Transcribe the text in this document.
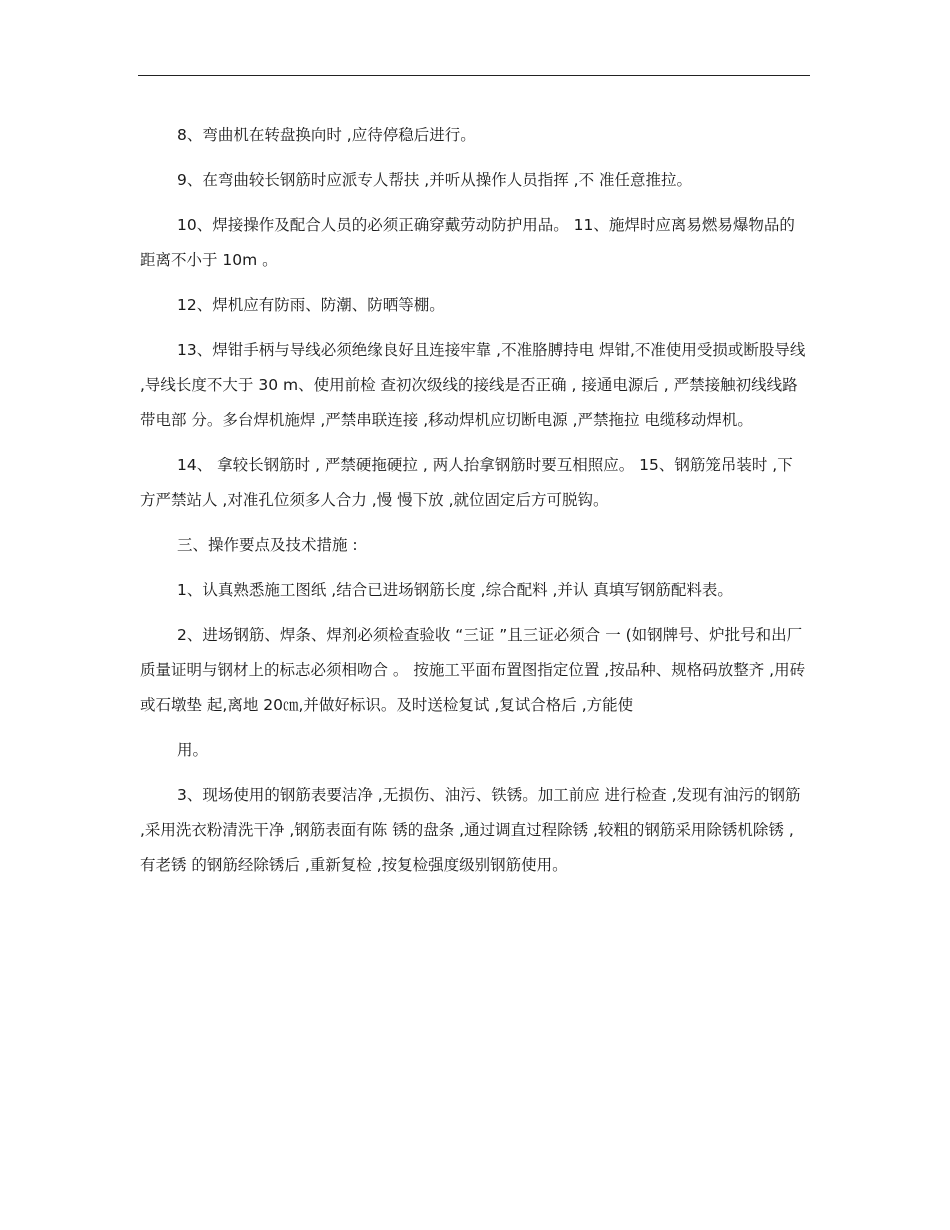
8、弯曲机在转盘换向时 ,应待停稳后进行。

9、在弯曲较长钢筋时应派专人帮扶 ,并听从操作人员指挥 ,不 准任意推拉。

10、焊接操作及配合人员的必须正确穿戴劳动防护用品。 11、施焊时应离易燃易爆物品的距离不小于 10m 。

12、焊机应有防雨、防潮、防晒等棚。

13、焊钳手柄与导线必须绝缘良好且连接牢靠 ,不准胳膊持电 焊钳,不准使用受损或断股导线 ,导线长度不大于 30 m、使用前检 查初次级线的接线是否正确 , 接通电源后 , 严禁接触初线线路带电部 分。多台焊机施焊 ,严禁串联连接 ,移动焊机应切断电源 ,严禁拖拉 电缆移动焊机。

14、 拿较长钢筋时 , 严禁硬拖硬拉 , 两人抬拿钢筋时要互相照应。 15、钢筋笼吊装时 ,下方严禁站人 ,对准孔位须多人合力 ,慢 慢下放 ,就位固定后方可脱钩。

三、操作要点及技术措施 :

1、认真熟悉施工图纸 ,结合已进场钢筋长度 ,综合配料 ,并认 真填写钢筋配料表。

2、进场钢筋、焊条、焊剂必须检查验收 “三证 ”且三证必须合 一 (如钢牌号、炉批号和出厂质量证明与钢材上的标志必须相吻合 。 按施工平面布置图指定位置 ,按品种、规格码放整齐 ,用砖或石墩垫 起,离地 20㎝,并做好标识。及时送检复试 ,复试合格后 ,方能使

用。

3、现场使用的钢筋表要洁净 ,无损伤、油污、铁锈。加工前应 进行检查 ,发现有油污的钢筋 ,采用洗衣粉清洗干净 ,钢筋表面有陈 锈的盘条 ,通过调直过程除锈 ,较粗的钢筋采用除锈机除锈 ,有老锈 的钢筋经除锈后 ,重新复检 ,按复检强度级别钢筋使用。
